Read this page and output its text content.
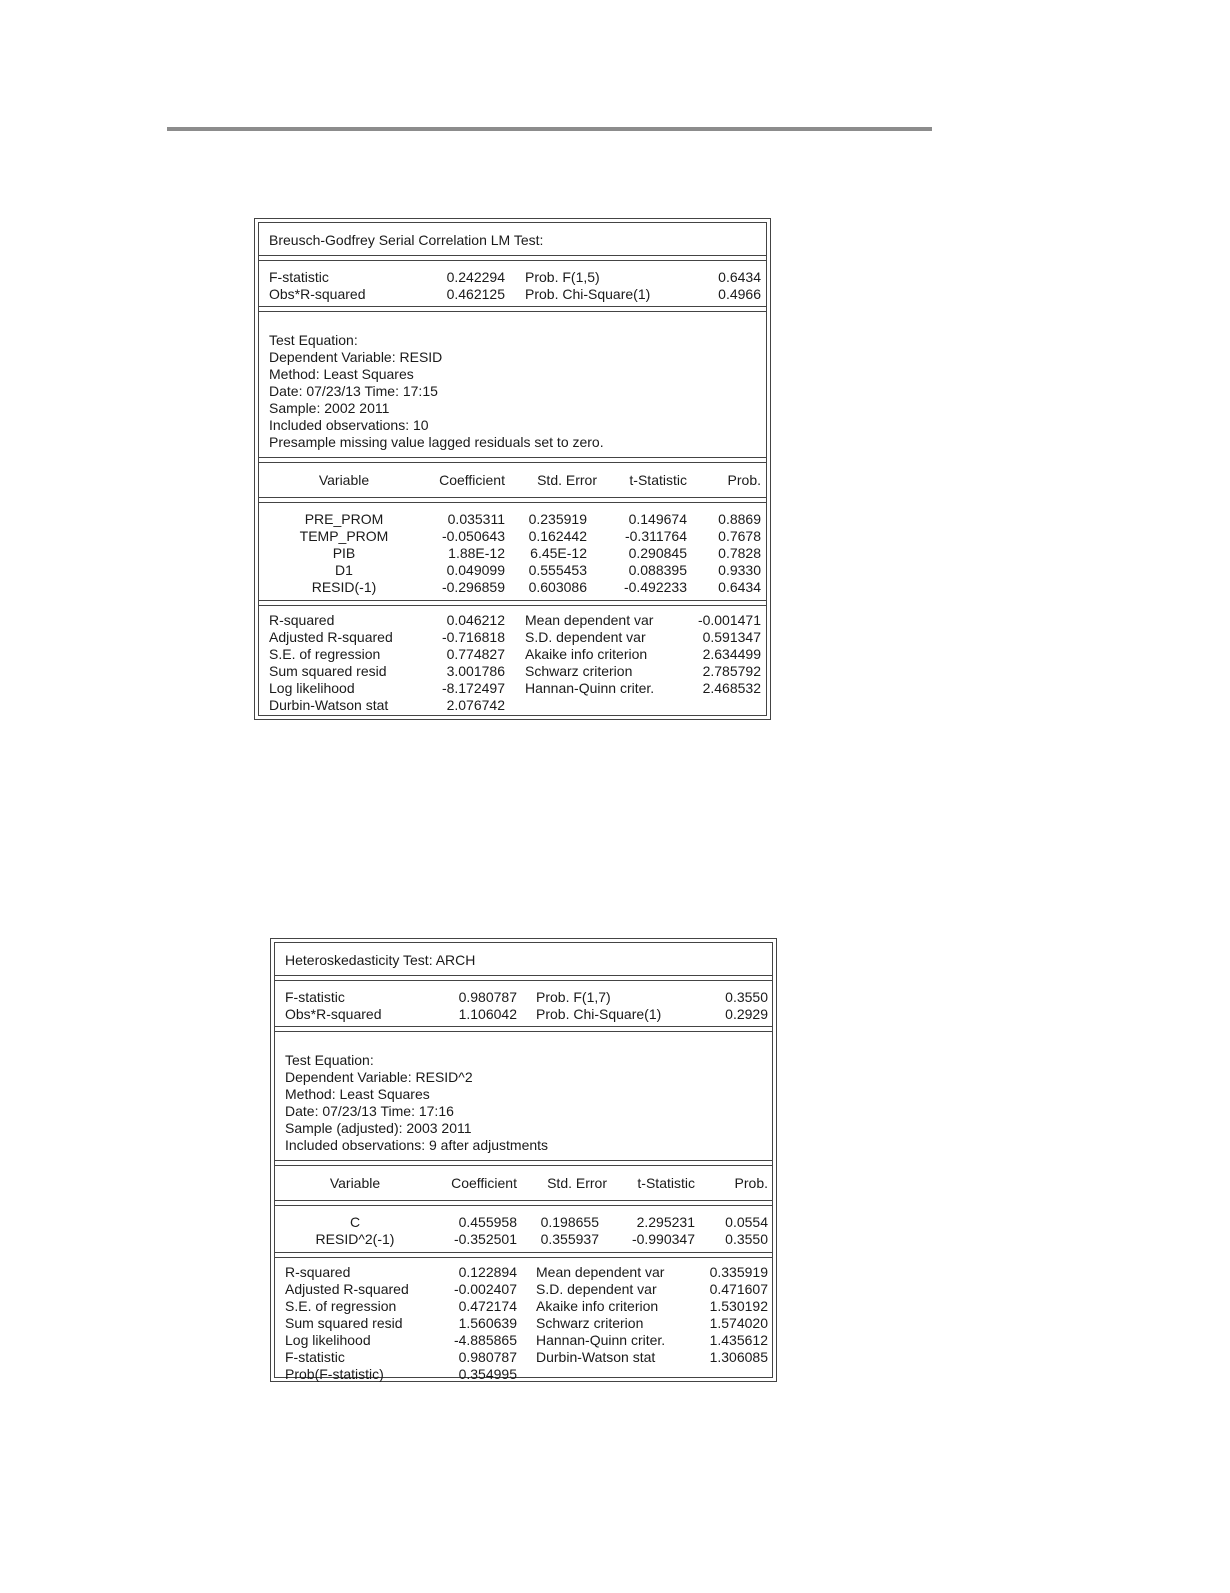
Breusch-Godfrey Serial Correlation LM Test:
F-statistic	0.242294 Prob. F(1,5)	0.6434
Obs*R-squared	0.462125 Prob. Chi-Square(1)	0.4966
Test Equation:
Dependent Variable: RESID
Method: Least Squares
Date: 07/23/13 Time: 17:15
Sample: 2002 2011
Included observations: 10
Presample missing value lagged residuals set to zero.
Variable	Coefficient	Std. Error	t-Statistic	Prob.
PRE_PROM	0.035311	0.235919	0.149674	0.8869
TEMP_PROM	-0.050643	0.162442	-0.311764	0.7678
PIB	1.88E-12	6.45E-12	0.290845	0.7828
D1	0.049099	0.555453	0.088395	0.9330
RESID(-1)	-0.296859	0.603086	-0.492233	0.6434
R-squared	0.046212 Mean dependent var	-0.001471
Adjusted R-squared	-0.716818 S.D. dependent var	0.591347
S.E. of regression	0.774827 Akaike info criterion	2.634499
Sum squared resid	3.001786 Schwarz criterion	2.785792
Log likelihood	-8.172497 Hannan-Quinn criter.	2.468532
Durbin-Watson stat	2.076742
Heteroskedasticity Test: ARCH
F-statistic	0.980787 Prob. F(1,7)	0.3550
Obs*R-squared	1.106042 Prob. Chi-Square(1)	0.2929
Test Equation:
Dependent Variable: RESID^2
Method: Least Squares
Date: 07/23/13 Time: 17:16
Sample (adjusted): 2003 2011
Included observations: 9 after adjustments
Variable	Coefficient	Std. Error	t-Statistic	Prob.
C	0.455958	0.198655	2.295231	0.0554
RESID^2(-1)	-0.352501	0.355937	-0.990347	0.3550
R-squared	0.122894 Mean dependent var	0.335919
Adjusted R-squared	-0.002407 S.D. dependent var	0.471607
S.E. of regression	0.472174 Akaike info criterion	1.530192
Sum squared resid	1.560639 Schwarz criterion	1.574020
Log likelihood	-4.885865 Hannan-Quinn criter.	1.435612
F-statistic	0.980787 Durbin-Watson stat	1.306085
Prob(F-statistic)	0.354995
